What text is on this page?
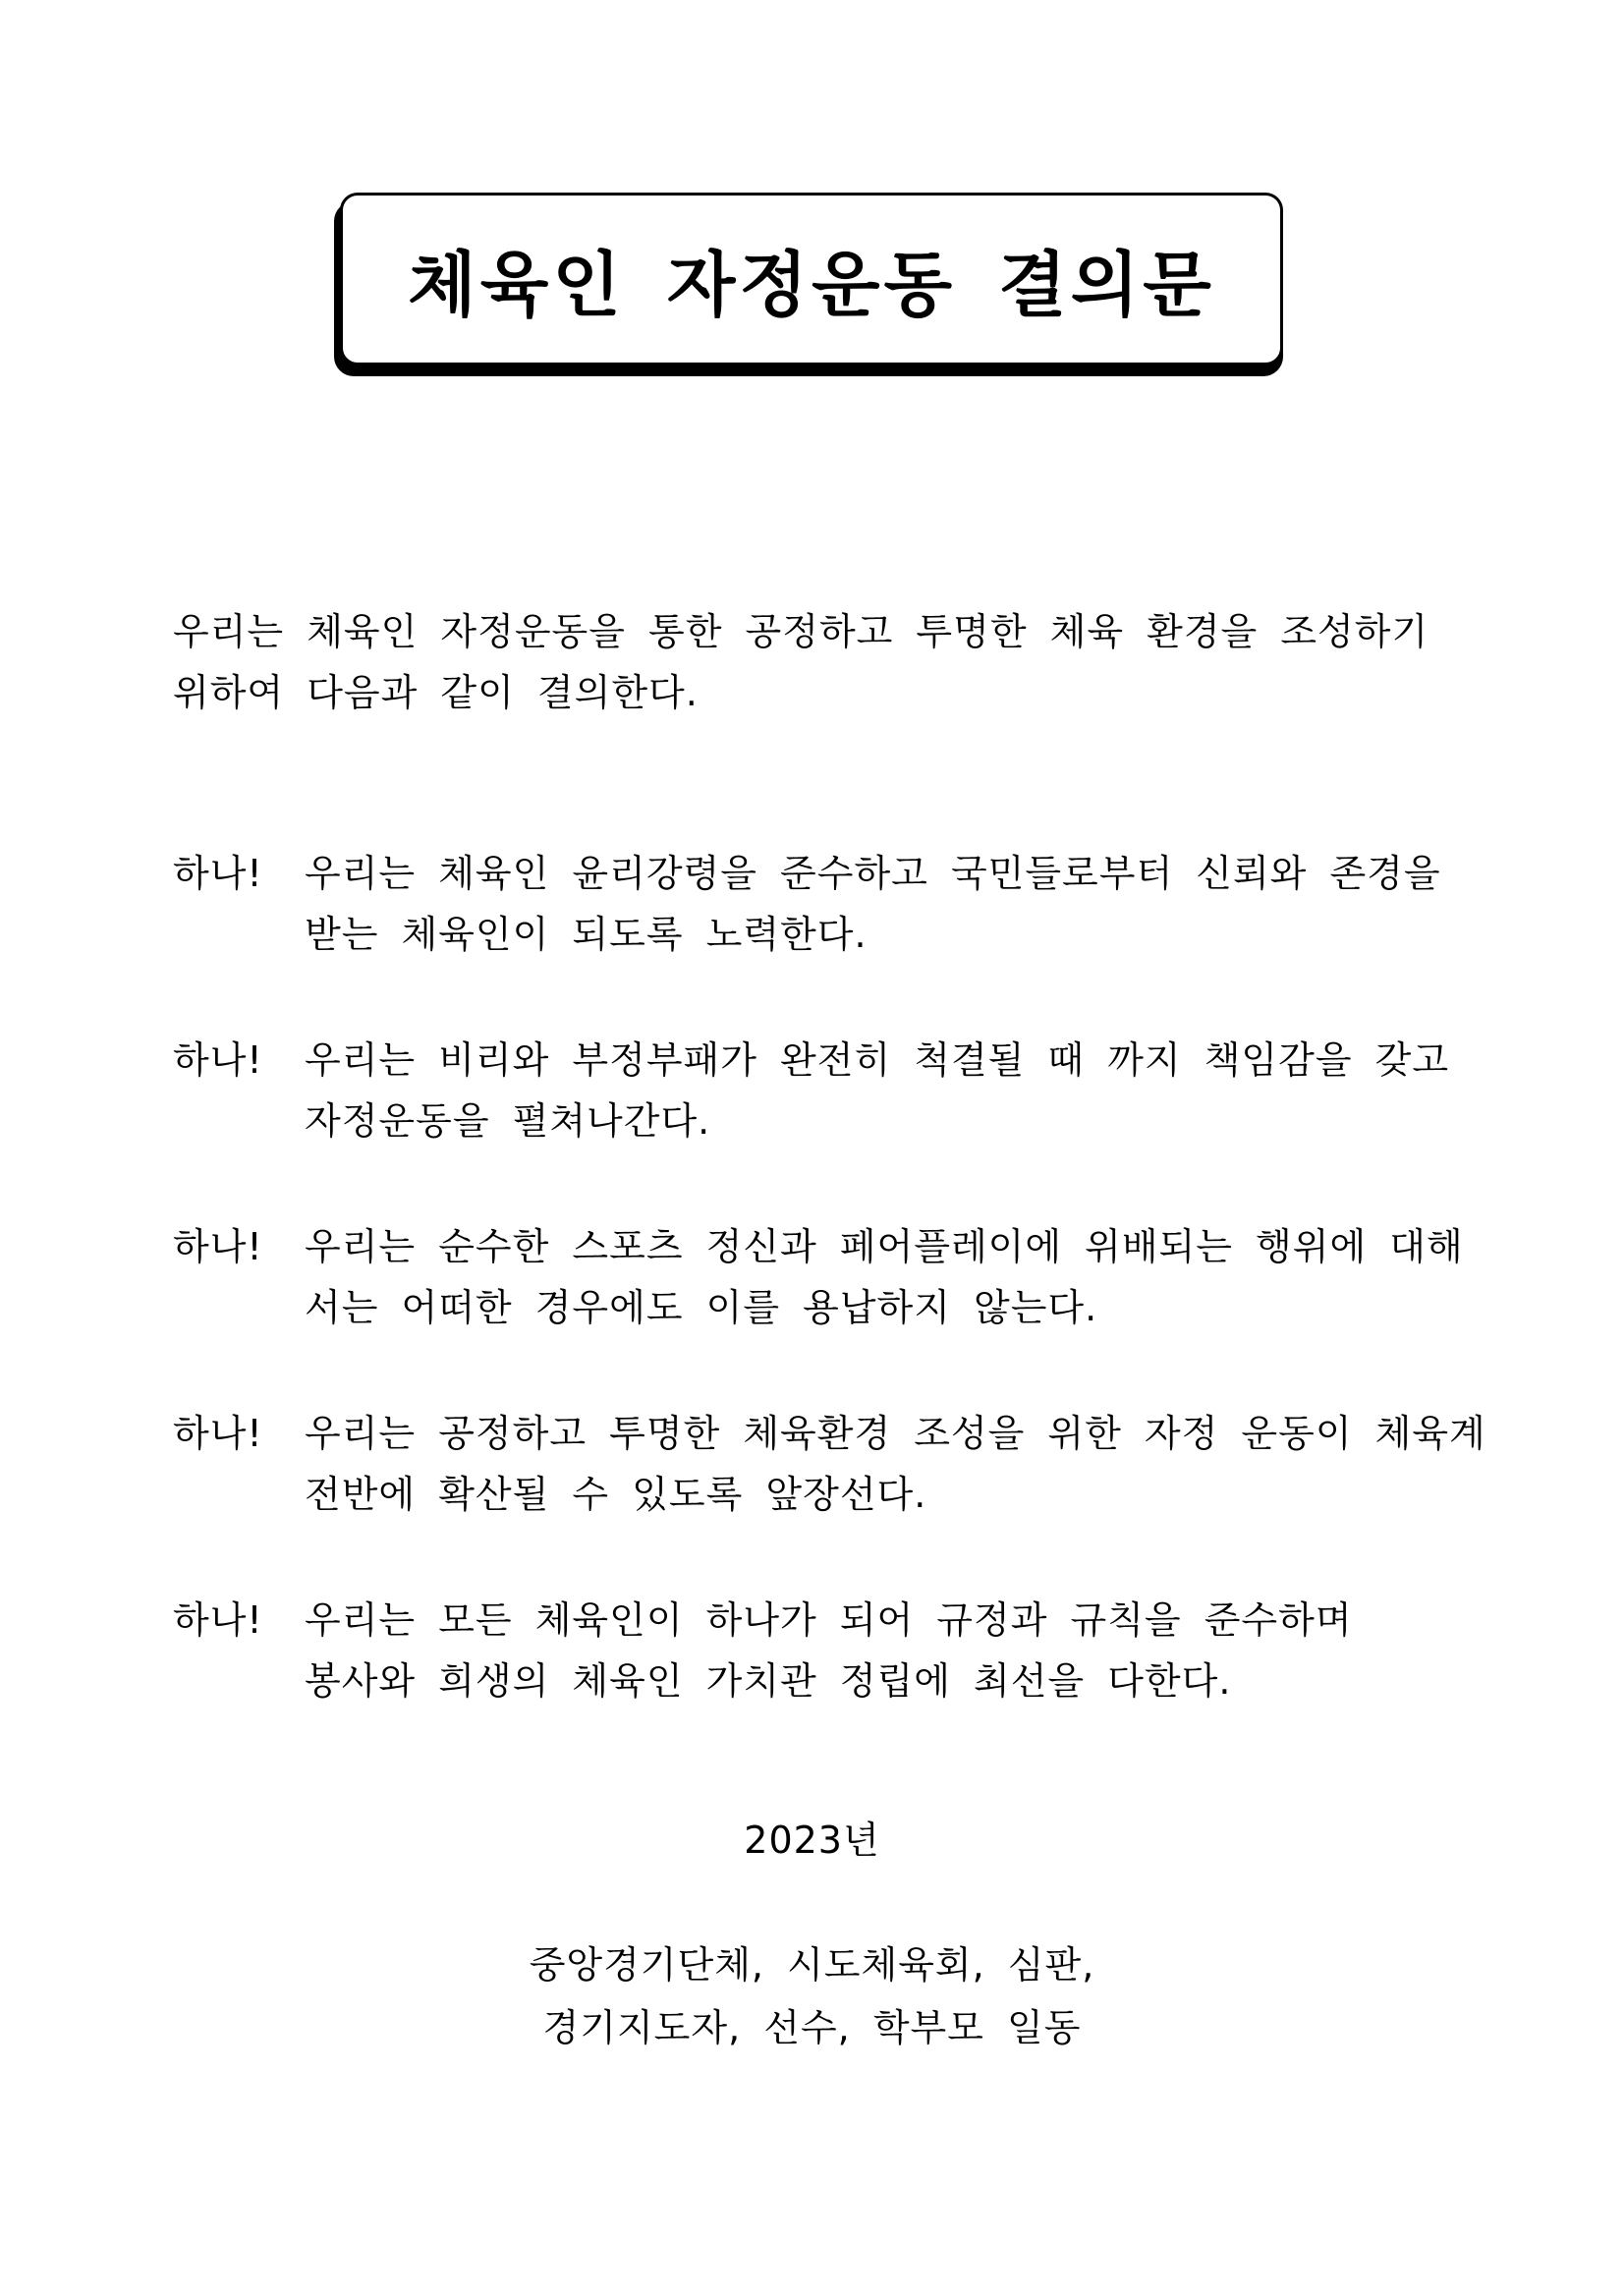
체육인 자정운동 결의문
우리는 체육인 자정운동을 통한 공정하고 투명한 체육 환경을 조성하기
위하여 다음과 같이 결의한다.
하나! 우리는 체육인 윤리강령을 준수하고 국민들로부터 신뢰와 존경을
받는 체육인이 되도록 노력한다.
하나! 우리는 비리와 부정부패가 완전히 척결될 때 까지 책임감을 갖고
자정운동을 펼쳐나간다.
하나! 우리는 순수한 스포츠 정신과 페어플레이에 위배되는 행위에 대해
서는 어떠한 경우에도 이를 용납하지 않는다.
하나! 우리는 공정하고 투명한 체육환경 조성을 위한 자정 운동이 체육계
전반에 확산될 수 있도록 앞장선다.
하나! 우리는 모든 체육인이 하나가 되어 규정과 규칙을 준수하며
봉사와 희생의 체육인 가치관 정립에 최선을 다한다.
2023년
중앙경기단체, 시도체육회, 심판,
경기지도자, 선수, 학부모 일동
